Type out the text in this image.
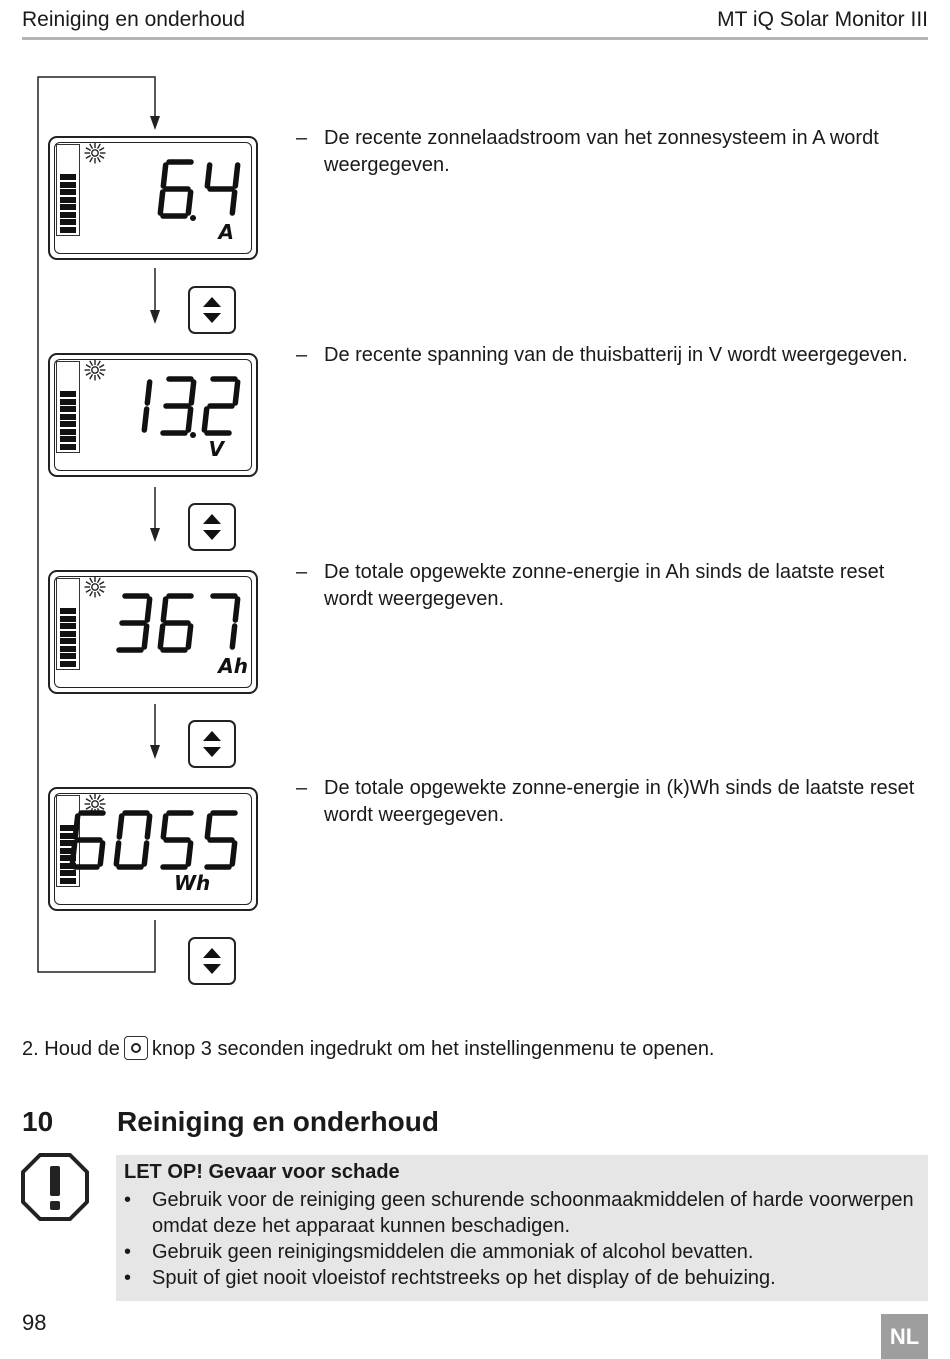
Reiniging en onderhoud	MT iQ Solar Monitor III
A
V
Ah
Wh
– De recente zonnelaadstroom van het zonnesysteem in A wordt weergegeven.
– De recente spanning van de thuisbatterij in V wordt weergegeven.
– De totale opgewekte zonne-energie in Ah sinds de laatste reset wordt weergegeven.
– De totale opgewekte zonne-energie in (k)Wh sinds de laatste reset wordt weergegeven.
2. Houd de knop 3 seconden ingedrukt om het instellingenmenu te openen.
10 Reiniging en onderhoud
LET OP! Gevaar voor schade
• Gebruik voor de reiniging geen schurende schoonmaakmiddelen of harde voorwerpen omdat deze het apparaat kunnen beschadigen.
• Gebruik geen reinigingsmiddelen die ammoniak of alcohol bevatten.
• Spuit of giet nooit vloeistof rechtstreeks op het display of de behuizing.
98
NL
